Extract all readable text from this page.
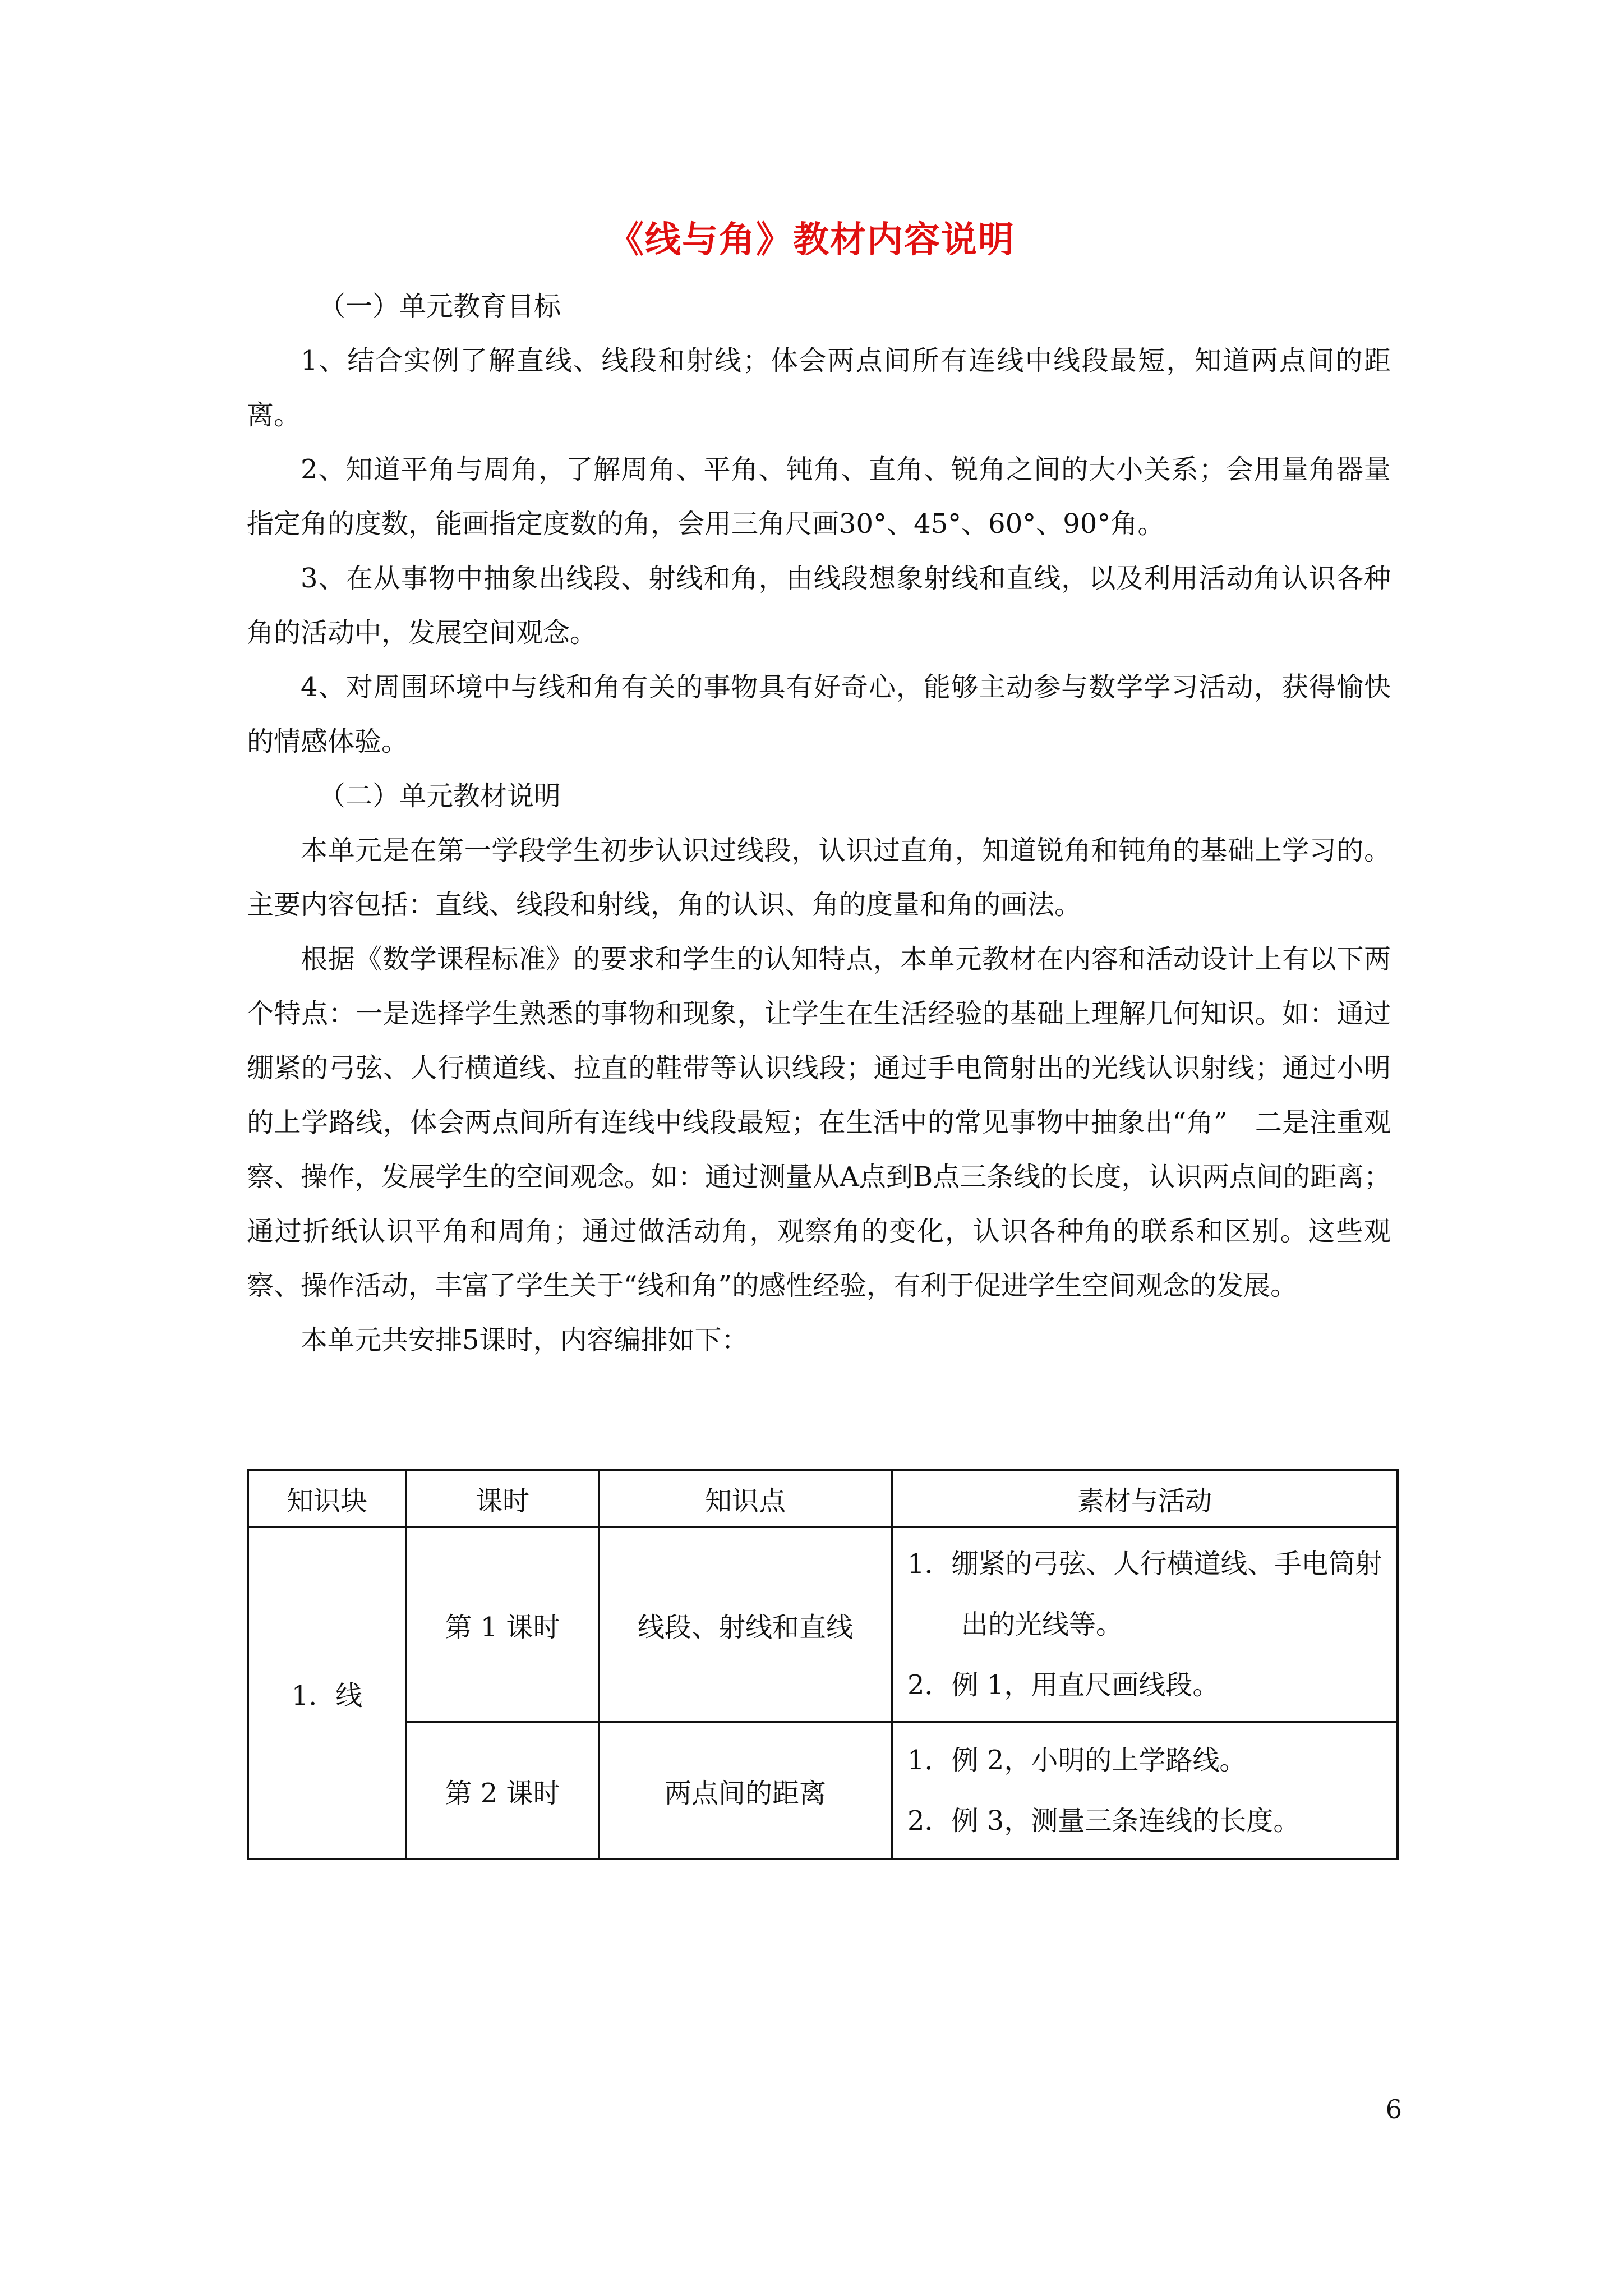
《线与角》教材内容说明

（一）单元教育目标

1、结合实例了解直线、线段和射线；体会两点间所有连线中线段最短，知道两点间的距离。

2、知道平角与周角，了解周角、平角、钝角、直角、锐角之间的大小关系；会用量角器量指定角的度数，能画指定度数的角，会用三角尺画30°、45°、60°、90°角。

3、在从事物中抽象出线段、射线和角，由线段想象射线和直线，以及利用活动角认识各种角的活动中，发展空间观念。

4、对周围环境中与线和角有关的事物具有好奇心，能够主动参与数学学习活动，获得愉快的情感体验。

（二）单元教材说明

本单元是在第一学段学生初步认识过线段，认识过直角，知道锐角和钝角的基础上学习的。主要内容包括：直线、线段和射线，角的认识、角的度量和角的画法。

根据《数学课程标准》的要求和学生的认知特点，本单元教材在内容和活动设计上有以下两个特点：一是选择学生熟悉的事物和现象，让学生在生活经验的基础上理解几何知识。如：通过绷紧的弓弦、人行横道线、拉直的鞋带等认识线段；通过手电筒射出的光线认识射线；通过小明的上学路线，体会两点间所有连线中线段最短；在生活中的常见事物中抽象出“角”　二是注重观察、操作，发展学生的空间观念。如：通过测量从A点到B点三条线的长度，认识两点间的距离；通过折纸认识平角和周角；通过做活动角，观察角的变化，认识各种角的联系和区别。这些观察、操作活动，丰富了学生关于“线和角”的感性经验，有利于促进学生空间观念的发展。

本单元共安排5课时，内容编排如下：

知识块	课时	知识点	素材与活动
1．线	第 1 课时	线段、射线和直线	1．绷紧的弓弦、人行横道线、手电筒射出的光线等。
2．例 1，用直尺画线段。

	第 2 课时	两点间的距离	1．例 2，小明的上学路线。
2．例 3，测量三条连线的长度。
6
